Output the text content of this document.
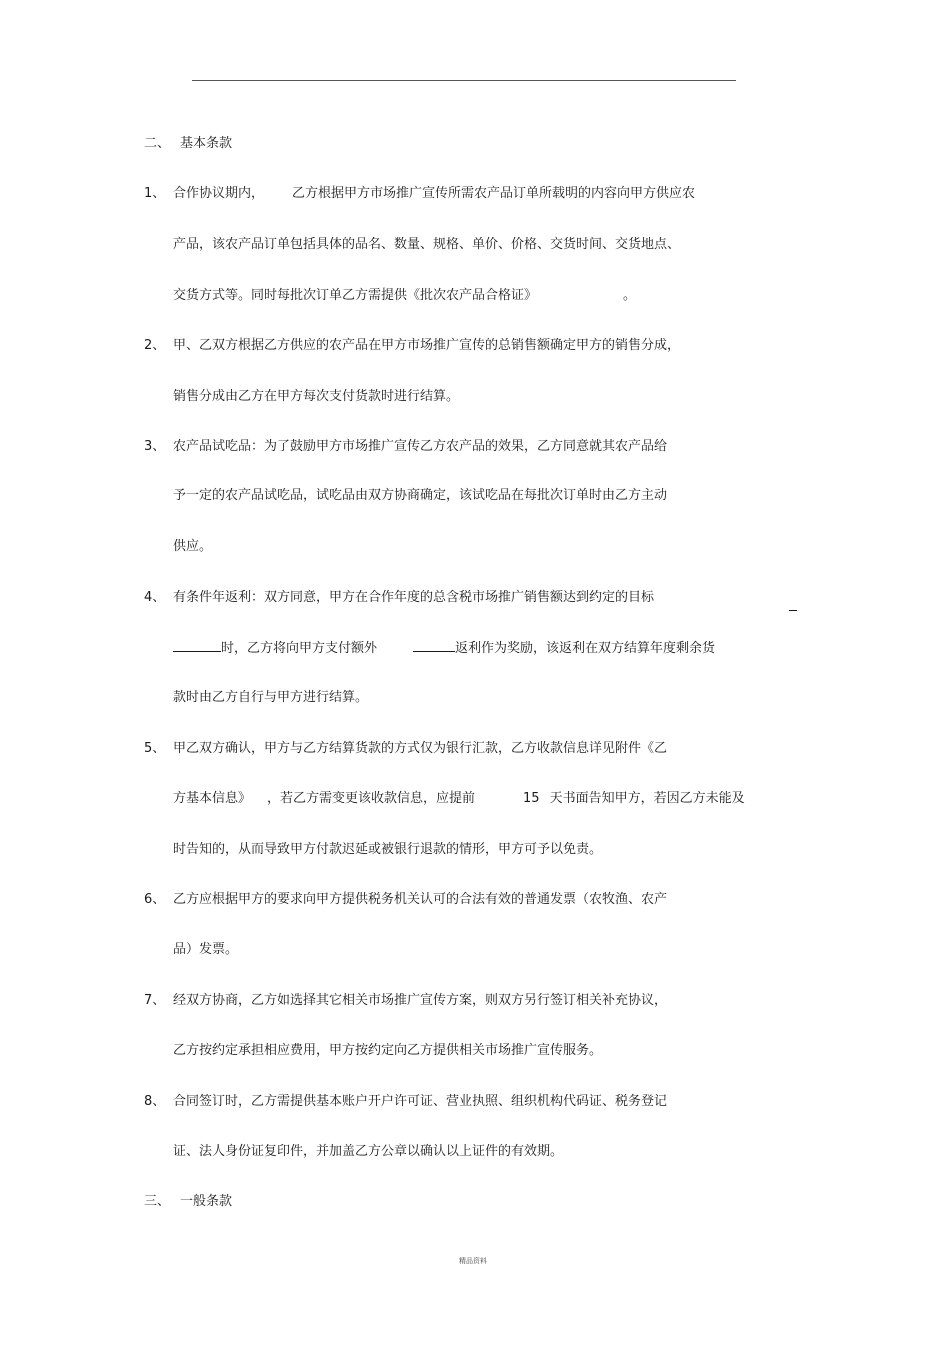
二、 基本条款
1、 合作协议期内， 乙方根据甲方市场推广宣传所需农产品订单所载明的内容向甲方供应农
产品，该农产品订单包括具体的品名、数量、规格、单价、价格、交货时间、交货地点、
交货方式等。同时每批次订单乙方需提供《批次农产品合格证》	。
2、 甲、乙双方根据乙方供应的农产品在甲方市场推广宣传的总销售额确定甲方的销售分成，
销售分成由乙方在甲方每次支付货款时进行结算。
3、 农产品试吃品：为了鼓励甲方市场推广宣传乙方农产品的效果，乙方同意就其农产品给
予一定的农产品试吃品，试吃品由双方协商确定，该试吃品在每批次订单时由乙方主动
供应。
4、 有条件年返利：双方同意，甲方在合作年度的总含税市场推广销售额达到约定的目标
时，乙方将向甲方支付额外	返利作为奖励，该返利在双方结算年度剩余货
款时由乙方自行与甲方进行结算。
5、 甲乙双方确认，甲方与乙方结算货款的方式仅为银行汇款，乙方收款信息详见附件《乙
方基本信息》 ，若乙方需变更该收款信息，应提前	15 天书面告知甲方，若因乙方未能及
时告知的，从而导致甲方付款迟延或被银行退款的情形，甲方可予以免责。
6、 乙方应根据甲方的要求向甲方提供税务机关认可的合法有效的普通发票（农牧渔、农产
品）发票。
7、 经双方协商，乙方如选择其它相关市场推广宣传方案，则双方另行签订相关补充协议，
乙方按约定承担相应费用，甲方按约定向乙方提供相关市场推广宣传服务。
8、 合同签订时，乙方需提供基本账户开户许可证、营业执照、组织机构代码证、税务登记
证、法人身份证复印件，并加盖乙方公章以确认以上证件的有效期。
三、 一般条款
精品资料
